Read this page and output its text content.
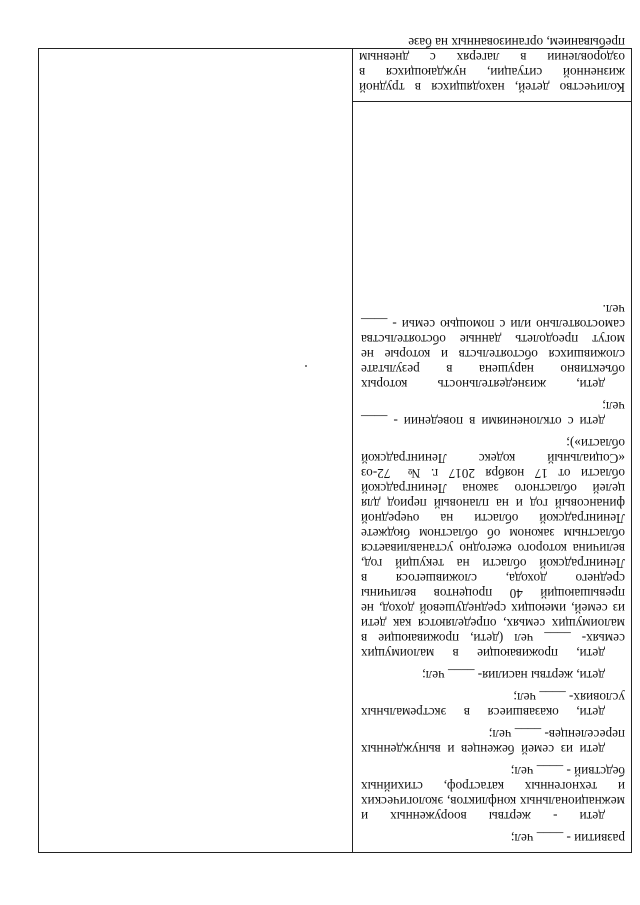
развитии - ____ чел;

дети - жертвы вооруженных и межнациональных конфликтов, экологических и техногенных катастроф, стихийных бедствий - ____ чел;

дети из семей беженцев и вынужденных переселенцев- ____ чел;

дети, оказавшиеся в экстремальных условиях- ____ чел;

дети, жертвы насилия- ____ чел;

дети, проживающие в малоимущих семьях- ____ чел (дети, проживающие в малоимущих семьях, определяются как дети из семей, имеющих среднедушевой доход, не превышающий 40 процентов величины среднего дохода, сложившегося в Ленинградской области на текущий год, величина которого ежегодно устанавливается областным законом об областном бюджете Ленинградской области на очередной финансовый год и на плановый период для целей областного закона Ленинградской области от 17 ноября 2017 г. № 72-оз «Социальный кодекс Ленинградской области»);

дети с отклонениями в поведении - ____ чел;

дети, жизнедеятельность которых объективно нарушена в результате сложившихся обстоятельств и которые не могут преодолеть данные обстоятельства самостоятельно или с помощью семьи - ____ чел.

Количество детей, находящихся в трудной жизненной ситуации, нуждающихся в оздоровлении в лагерях с дневным пребыванием, организованных на базе
